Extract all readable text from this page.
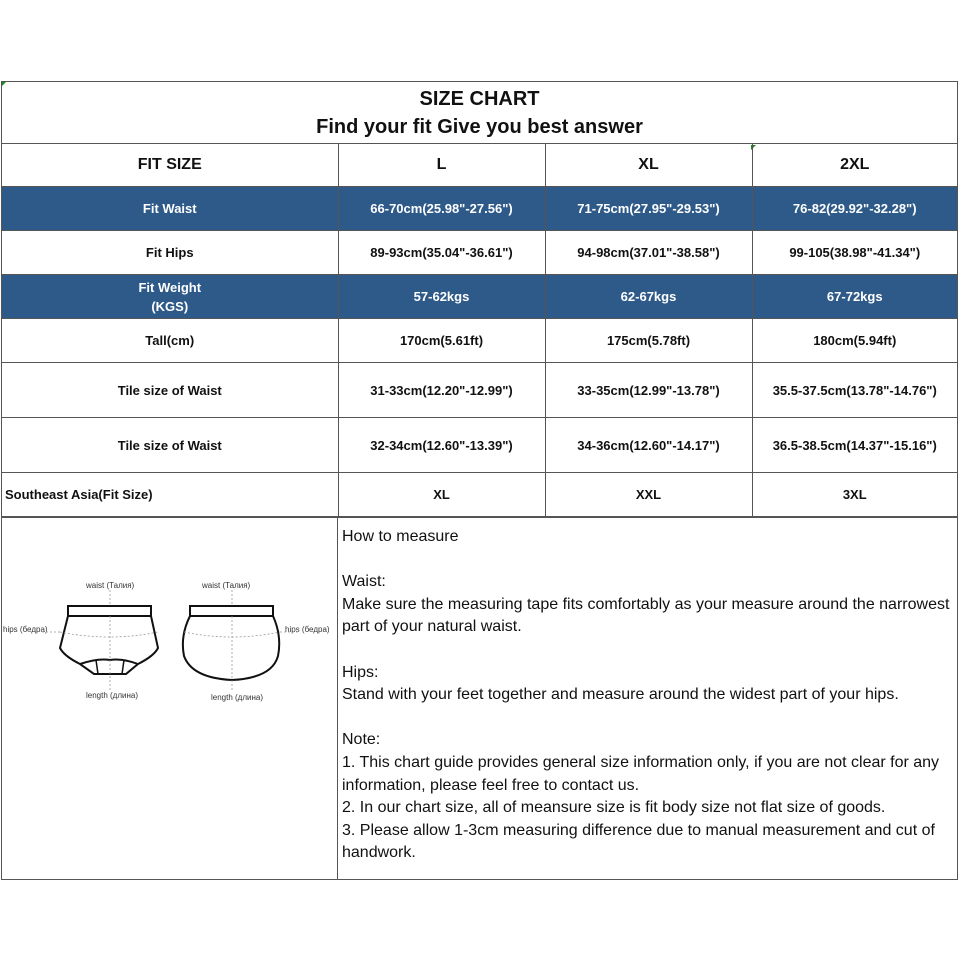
SIZE CHART
Find your fit Give you best answer
FIT SIZE	L	XL	2XL
Fit Waist	66-70cm(25.98"-27.56")	71-75cm(27.95"-29.53")	76-82(29.92"-32.28")
Fit Hips	89-93cm(35.04"-36.61")	94-98cm(37.01"-38.58")	99-105(38.98"-41.34")

Fit Weight
(KGS)	57-62kgs	62-67kgs	67-72kgs
Tall(cm)	170cm(5.61ft)	175cm(5.78ft)	180cm(5.94ft)
Tile size of Waist	31-33cm(12.20"-12.99")	33-35cm(12.99"-13.78")	35.5-37.5cm(13.78"-14.76")
Tile size of Waist	32-34cm(12.60"-13.39")	34-36cm(12.60"-14.17")	36.5-38.5cm(14.37"-15.16")
Southeast Asia(Fit Size)	XL	XXL	3XL
waist (Талия)	waist (Талия)
hips (бедра)	hips (бедра)
length (длина)	length (длина)

How to measure

Waist:

Make sure the measuring tape fits comfortably as your measure around the narrowest part of your natural waist.

Hips:

Stand with your feet together and measure around the widest part of your hips.

Note:

1. This chart guide provides general size information only, if you are not clear for any information, please feel free to contact us.

2. In our chart size, all of meansure size is fit body size not flat size of goods.

3. Please allow 1-3cm measuring difference due to manual measurement and cut of handwork.
